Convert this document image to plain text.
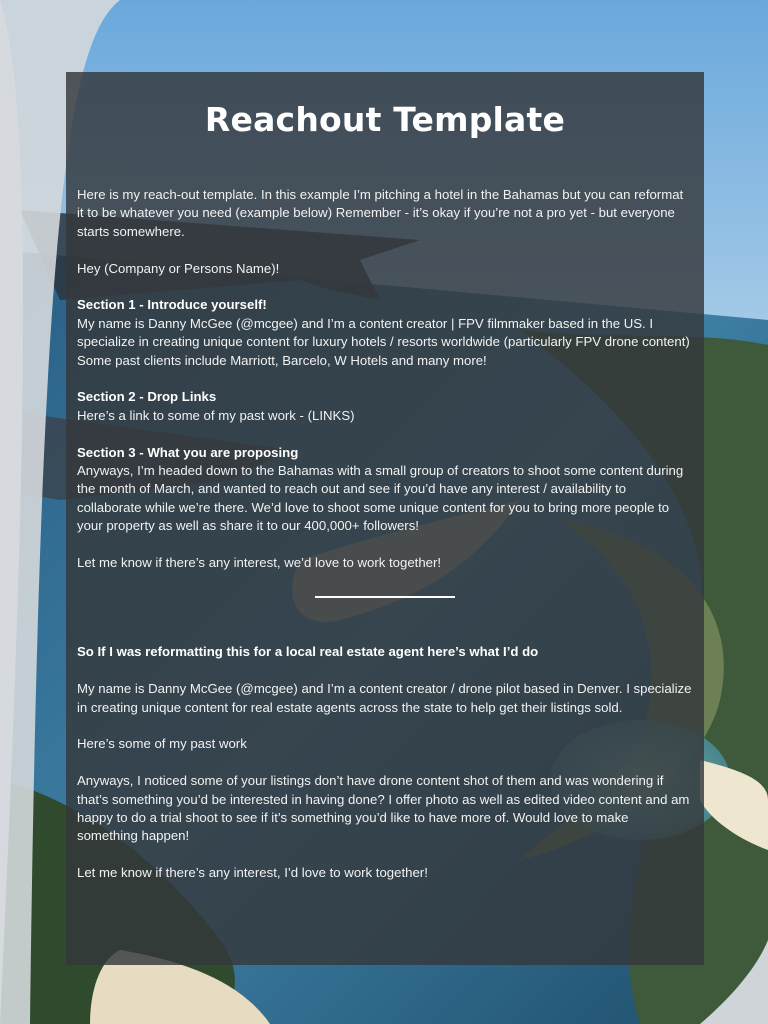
Reachout Template

Here is my reach-out template. In this example I’m pitching a hotel in the Bahamas but you can reformat it to be whatever you need (example below) Remember - it’s okay if you’re not a pro yet - but everyone starts somewhere.

Hey (Company or Persons Name)!

Section 1 - Introduce yourself!
My name is Danny McGee (@mcgee) and I’m a content creator | FPV filmmaker based in the US. I specialize in creating unique content for luxury hotels / resorts worldwide (particularly FPV drone content) Some past clients include Marriott, Barcelo, W Hotels and many more!

Section 2 - Drop Links
Here’s a link to some of my past work - (LINKS)

Section 3 - What you are proposing
Anyways, I’m headed down to the Bahamas with a small group of creators to shoot some content during the month of March, and wanted to reach out and see if you’d have any interest / availability to collaborate while we’re there. We’d love to shoot some unique content for you to bring more people to your property as well as share it to our 400,000+ followers!

Let me know if there’s any interest, we’d love to work together!

So If I was reformatting this for a local real estate agent here’s what I’d do

My name is Danny McGee (@mcgee) and I’m a content creator / drone pilot based in Denver. I specialize in creating unique content for real estate agents across the state to help get their listings sold.

Here’s some of my past work

Anyways, I noticed some of your listings don’t have drone content shot of them and was wondering if that’s something you’d be interested in having done? I offer photo as well as edited video content and am happy to do a trial shoot to see if it’s something you’d like to have more of. Would love to make something happen!

Let me know if there’s any interest, I’d love to work together!
